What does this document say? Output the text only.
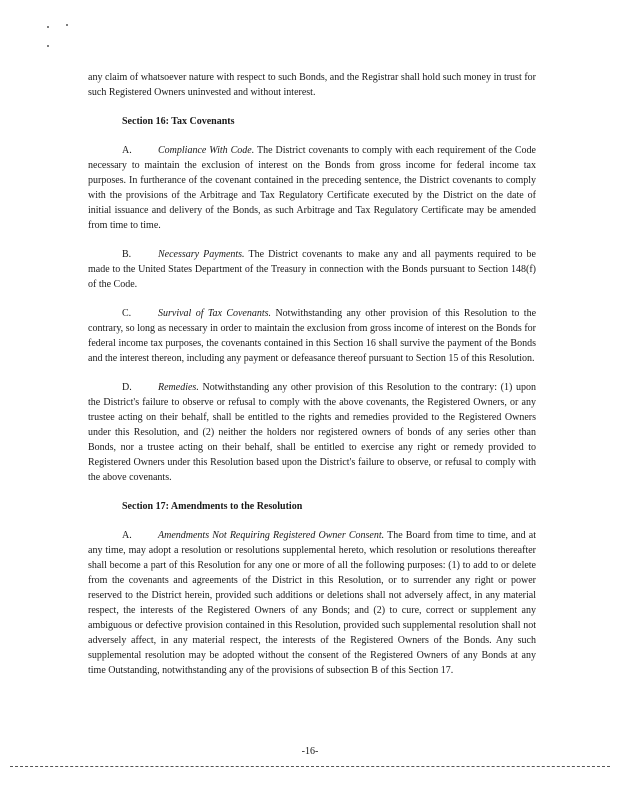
any claim of whatsoever nature with respect to such Bonds, and the Registrar shall hold such money in trust for such Registered Owners uninvested and without interest.

Section 16: Tax Covenants

A.	Compliance With Code. The District covenants to comply with each requirement of the Code necessary to maintain the exclusion of interest on the Bonds from gross income for federal income tax purposes. In furtherance of the covenant contained in the preceding sentence, the District covenants to comply with the provisions of the Arbitrage and Tax Regulatory Certificate executed by the District on the date of initial issuance and delivery of the Bonds, as such Arbitrage and Tax Regulatory Certificate may be amended from time to time.

B.	Necessary Payments. The District covenants to make any and all payments required to be made to the United States Department of the Treasury in connection with the Bonds pursuant to Section 148(f) of the Code.

C.	Survival of Tax Covenants. Notwithstanding any other provision of this Resolution to the contrary, so long as necessary in order to maintain the exclusion from gross income of interest on the Bonds for federal income tax purposes, the covenants contained in this Section 16 shall survive the payment of the Bonds and the interest thereon, including any payment or defeasance thereof pursuant to Section 15 of this Resolution.

D.	Remedies. Notwithstanding any other provision of this Resolution to the contrary: (1) upon the District's failure to observe or refusal to comply with the above covenants, the Registered Owners, or any trustee acting on their behalf, shall be entitled to the rights and remedies provided to the Registered Owners under this Resolution, and (2) neither the holders nor registered owners of bonds of any series other than Bonds, nor a trustee acting on their behalf, shall be entitled to exercise any right or remedy provided to Registered Owners under this Resolution based upon the District's failure to observe, or refusal to comply with the above covenants.

Section 17: Amendments to the Resolution

A.	Amendments Not Requiring Registered Owner Consent. The Board from time to time, and at any time, may adopt a resolution or resolutions supplemental hereto, which resolution or resolutions thereafter shall become a part of this Resolution for any one or more of all the following purposes: (1) to add to or delete from the covenants and agreements of the District in this Resolution, or to surrender any right or power reserved to the District herein, provided such additions or deletions shall not adversely affect, in any material respect, the interests of the Registered Owners of any Bonds; and (2) to cure, correct or supplement any ambiguous or defective provision contained in this Resolution, provided such supplemental resolution shall not adversely affect, in any material respect, the interests of the Registered Owners of the Bonds. Any such supplemental resolution may be adopted without the consent of the Registered Owners of any Bonds at any time Outstanding, notwithstanding any of the provisions of subsection B of this Section 17.

-16-
